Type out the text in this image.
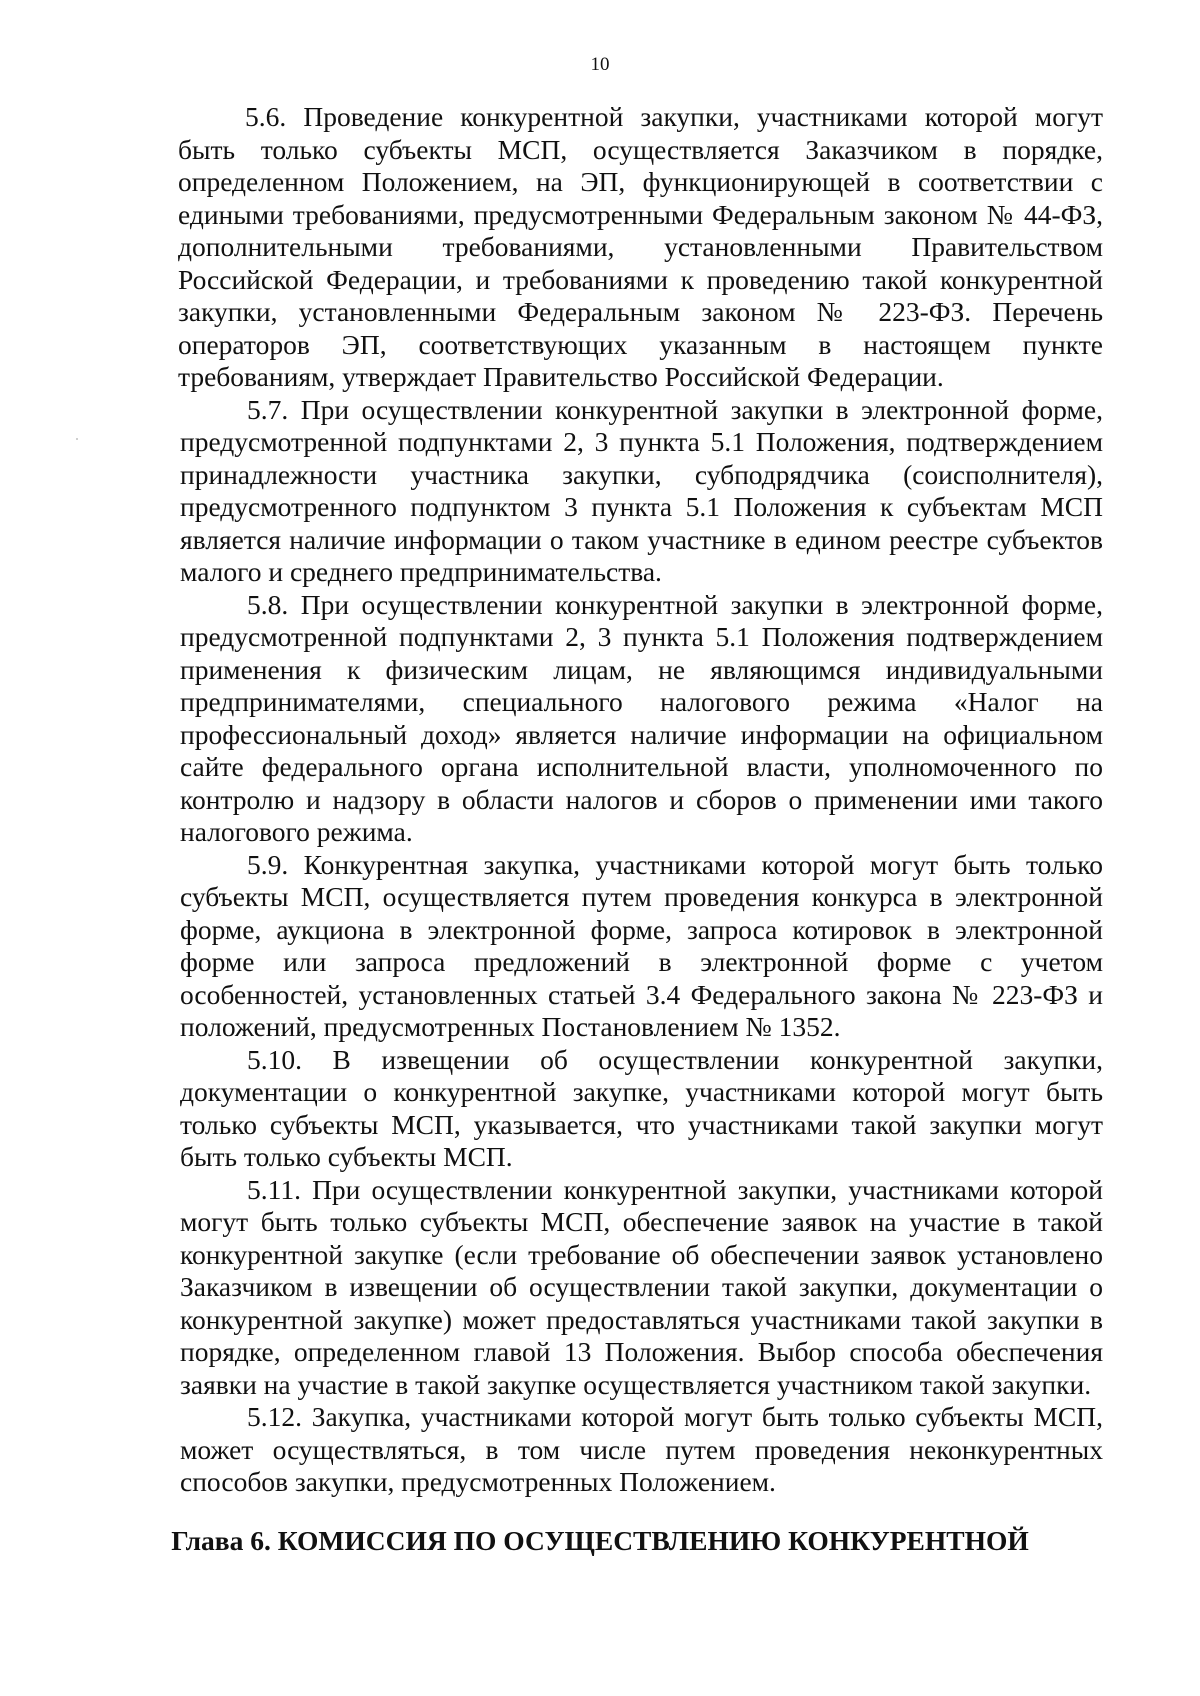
10

5.6. Проведение конкурентной закупки, участниками которой могут быть только субъекты МСП, осуществляется Заказчиком в порядке, определенном Положением, на ЭП, функционирующей в соответствии с едиными требованиями, предусмотренными Федеральным законом № 44-ФЗ, дополнительными требованиями, установленными Правительством Российской Федерации, и требованиями к проведению такой конкурентной закупки, установленными Федеральным законом № 223-ФЗ. Перечень операторов ЭП, соответствующих указанным в настоящем пункте требованиям, утверждает Правительство Российской Федерации.

5.7. При осуществлении конкурентной закупки в электронной форме, предусмотренной подпунктами 2, 3 пункта 5.1 Положения, подтверждением принадлежности участника закупки, субподрядчика (соисполнителя), предусмотренного подпунктом 3 пункта 5.1 Положения к субъектам МСП является наличие информации о таком участнике в едином реестре субъектов малого и среднего предпринимательства.

5.8. При осуществлении конкурентной закупки в электронной форме, предусмотренной подпунктами 2, 3 пункта 5.1 Положения подтверждением применения к физическим лицам, не являющимся индивидуальными предпринимателями, специального налогового режима «Налог на профессиональный доход» является наличие информации на официальном сайте федерального органа исполнительной власти, уполномоченного по контролю и надзору в области налогов и сборов о применении ими такого налогового режима.

5.9. Конкурентная закупка, участниками которой могут быть только субъекты МСП, осуществляется путем проведения конкурса в электронной форме, аукциона в электронной форме, запроса котировок в электронной форме или запроса предложений в электронной форме с учетом особенностей, установленных статьей 3.4 Федерального закона № 223-ФЗ и положений, предусмотренных Постановлением № 1352.

5.10. В извещении об осуществлении конкурентной закупки, документации о конкурентной закупке, участниками которой могут быть только субъекты МСП, указывается, что участниками такой закупки могут быть только субъекты МСП.

5.11. При осуществлении конкурентной закупки, участниками которой могут быть только субъекты МСП, обеспечение заявок на участие в такой конкурентной закупке (если требование об обеспечении заявок установлено Заказчиком в извещении об осуществлении такой закупки, документации о конкурентной закупке) может предоставляться участниками такой закупки в порядке, определенном главой 13 Положения. Выбор способа обеспечения заявки на участие в такой закупке осуществляется участником такой закупки.

5.12. Закупка, участниками которой могут быть только субъекты МСП, может осуществляться, в том числе путем проведения неконкурентных способов закупки, предусмотренных Положением.

Глава 6. КОМИССИЯ ПО ОСУЩЕСТВЛЕНИЮ КОНКУРЕНТНОЙ
